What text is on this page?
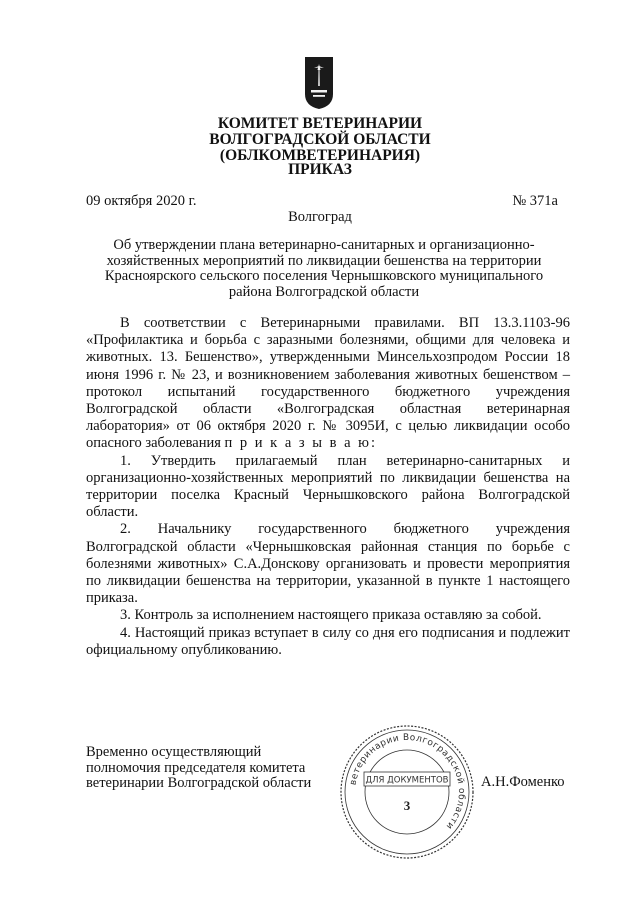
КОМИТЕТ ВЕТЕРИНАРИИ
ВОЛГОГРАДСКОЙ ОБЛАСТИ
(ОБЛКОМВЕТЕРИНАРИЯ)
ПРИКАЗ
09 октября 2020 г.	№ 371а
Волгоград
Об утверждении плана ветеринарно-санитарных и организационно-
хозяйственных мероприятий по ликвидации бешенства на территории
Красноярского сельского поселения Чернышковского муниципального
района Волгоградской области

В соответствии с Ветеринарными правилами. ВП 13.3.1103-96 «Профилактика и борьба с заразными болезнями, общими для человека и животных. 13. Бешенство», утвержденными Минсельхозпродом России 18 июня 1996 г. № 23, и возникновением заболевания животных бешенством – протокол испытаний государственного бюджетного учреждения Волгоградской области «Волгоградская областная ветеринарная лаборатория» от 06 октября 2020 г. № 3095И, с целью ликвидации особо опасного заболевания п р и к а з ы в а ю:

1. Утвердить прилагаемый план ветеринарно-санитарных и организационно-хозяйственных мероприятий по ликвидации бешенства на территории поселка Красный Чернышковского района Волгоградской области.

2. Начальнику государственного бюджетного учреждения Волгоградской области «Чернышковская районная станция по борьбе с болезнями животных» С.А.Донскову организовать и провести мероприятия по ликвидации бешенства на территории, указанной в пункте 1 настоящего приказа.

3. Контроль за исполнением настоящего приказа оставляю за собой.

4. Настоящий приказ вступает в силу со дня его подписания и подлежит официальному опубликованию.

Временно осуществляющий
полномочия председателя комитета
ветеринарии Волгоградской области	А.Н.Фоменко
ветеринарии Волгоградской области
ДЛЯ ДОКУМЕНТОВ
3
